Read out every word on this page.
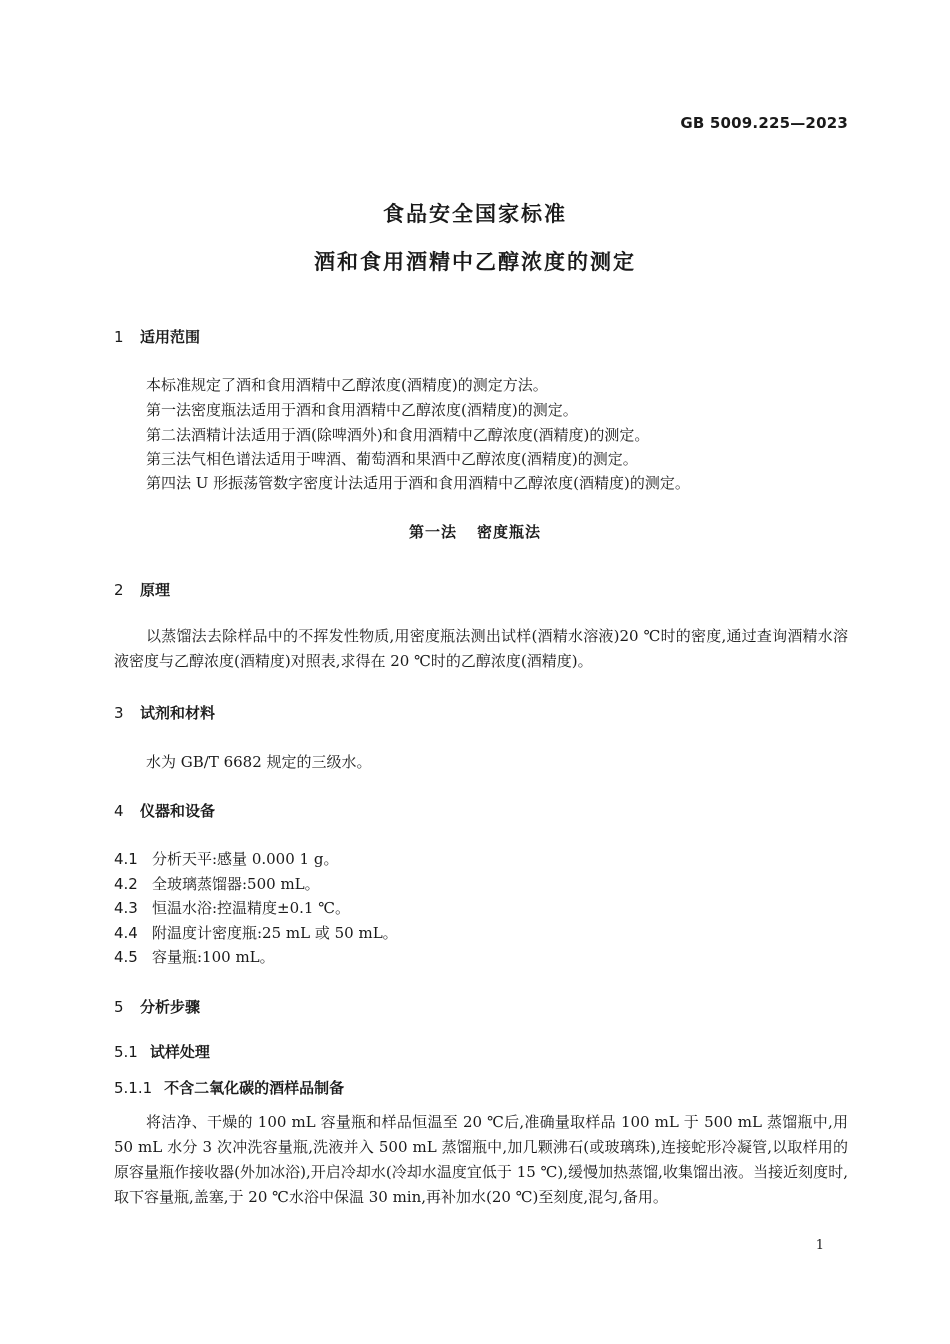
GB 5009.225—2023
食品安全国家标准
酒和食用酒精中乙醇浓度的测定
1 适用范围
本标准规定了酒和食用酒精中乙醇浓度(酒精度)的测定方法。
第一法密度瓶法适用于酒和食用酒精中乙醇浓度(酒精度)的测定。
第二法酒精计法适用于酒(除啤酒外)和食用酒精中乙醇浓度(酒精度)的测定。
第三法气相色谱法适用于啤酒、葡萄酒和果酒中乙醇浓度(酒精度)的测定。
第四法 U 形振荡管数字密度计法适用于酒和食用酒精中乙醇浓度(酒精度)的测定。
第一法 密度瓶法
2 原理
以蒸馏法去除样品中的不挥发性物质,用密度瓶法测出试样(酒精水溶液)20 ℃时的密度,通过查询酒精水溶液密度与乙醇浓度(酒精度)对照表,求得在 20 ℃时的乙醇浓度(酒精度)。
3 试剂和材料
水为 GB/T 6682 规定的三级水。
4 仪器和设备
4.1 分析天平:感量 0.000 1 g。
4.2 全玻璃蒸馏器:500 mL。
4.3 恒温水浴:控温精度±0.1 ℃。
4.4 附温度计密度瓶:25 mL 或 50 mL。
4.5 容量瓶:100 mL。
5 分析步骤
5.1 试样处理
5.1.1 不含二氧化碳的酒样品制备
将洁净、干燥的 100 mL 容量瓶和样品恒温至 20 ℃后,准确量取样品 100 mL 于 500 mL 蒸馏瓶中,用 50 mL 水分 3 次冲洗容量瓶,洗液并入 500 mL 蒸馏瓶中,加几颗沸石(或玻璃珠),连接蛇形冷凝管,以取样用的原容量瓶作接收器(外加冰浴),开启冷却水(冷却水温度宜低于 15 ℃),缓慢加热蒸馏,收集馏出液。当接近刻度时,取下容量瓶,盖塞,于 20 ℃水浴中保温 30 min,再补加水(20 ℃)至刻度,混匀,备用。
1
